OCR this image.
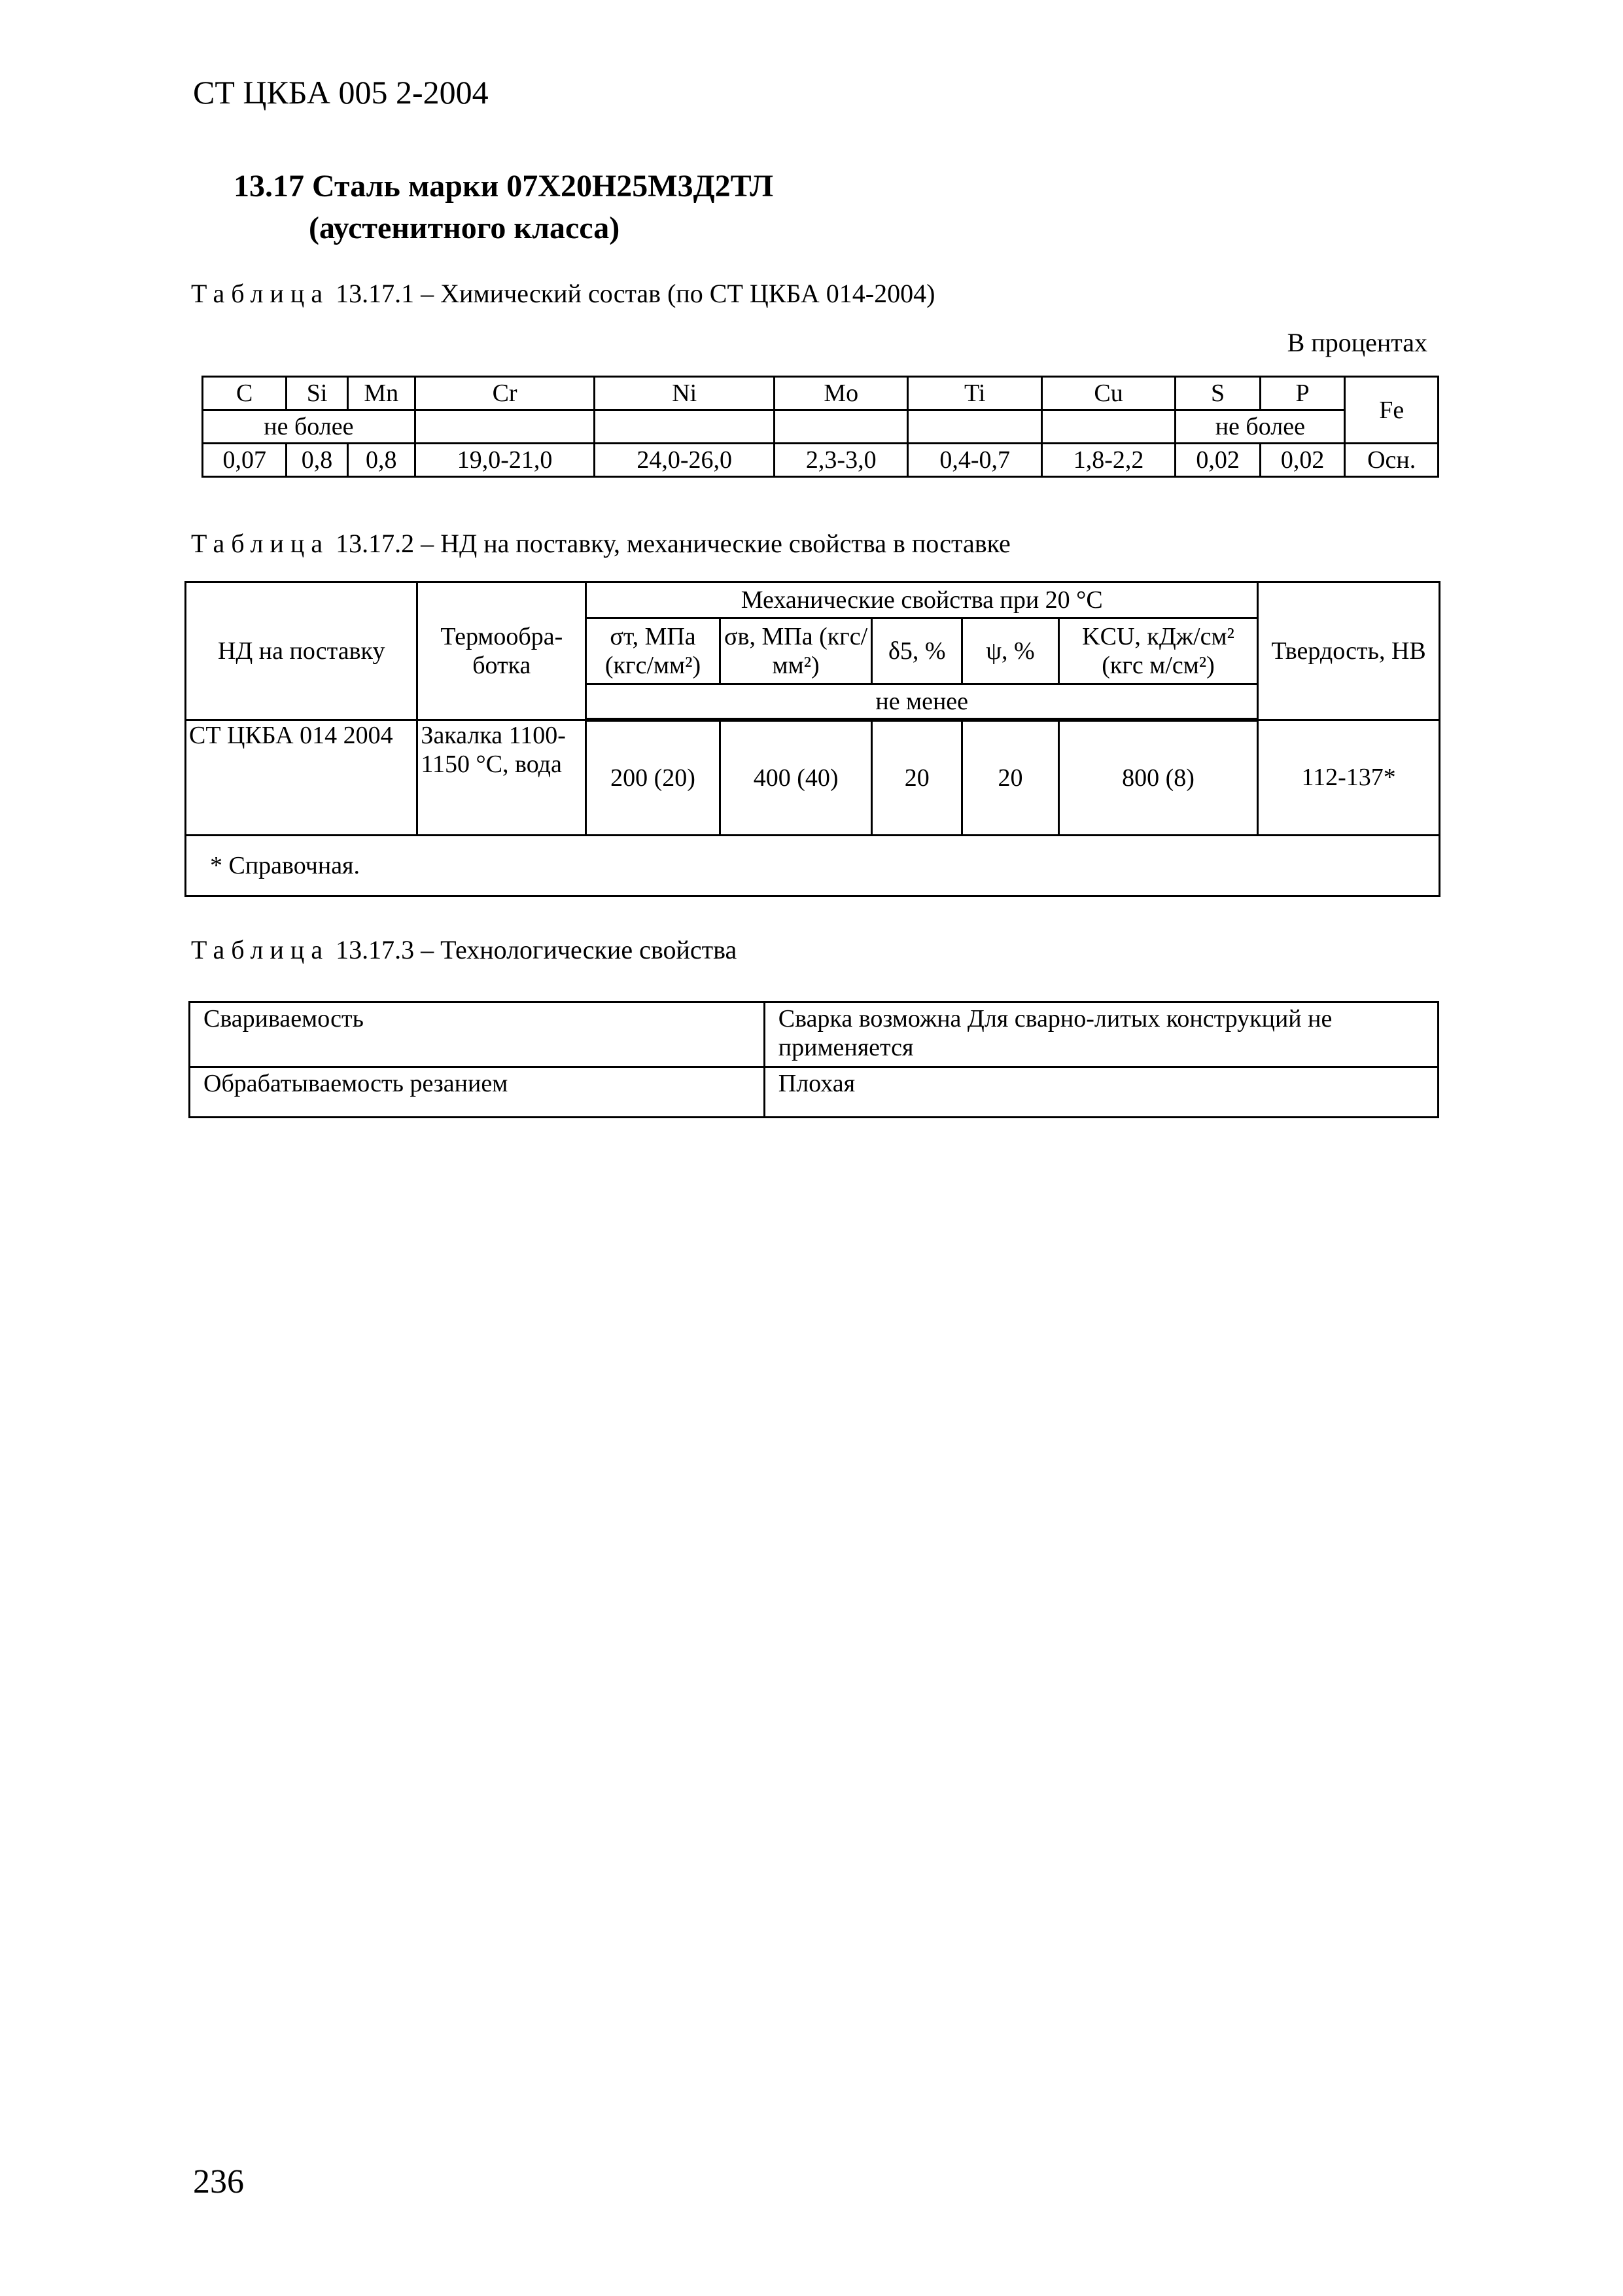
СТ ЦКБА 005 2-2004
13.17 Сталь марки 07Х20Н25М3Д2ТЛ
(аустенитного класса)
Таблица 13.17.1 – Химический состав (по СТ ЦКБА 014-2004)
В процентах
C	Si	Mn	Cr	Ni	Mo	Ti	Cu	S	P	Fe
не более								не более		
0,07	0,8	0,8	19,0-21,0	24,0-26,0	2,3-3,0	0,4-0,7	1,8-2,2	0,02	0,02	Осн.
Таблица 13.17.2 – НД на поставку, механические свойства в поставке
НД на поставку	Термообра-ботка	Механические свойства при 20 °С					Твердость, НВ
		σт, МПа (кгс/мм²)	σв, МПа (кгс/мм²)	δ5, %	ψ, %	KCU, кДж/см² (кгс м/см²)	
		не менее					
СТ ЦКБА 014 2004	Закалка 1100-1150 °С, вода	200 (20)	400 (40)	20	20	800 (8)	112-137*
* Справочная.							
Таблица 13.17.3 – Технологические свойства
Свариваемость	Сварка возможна Для сварно-литых конструкций не применяется
Обрабатываемость резанием	Плохая
236
